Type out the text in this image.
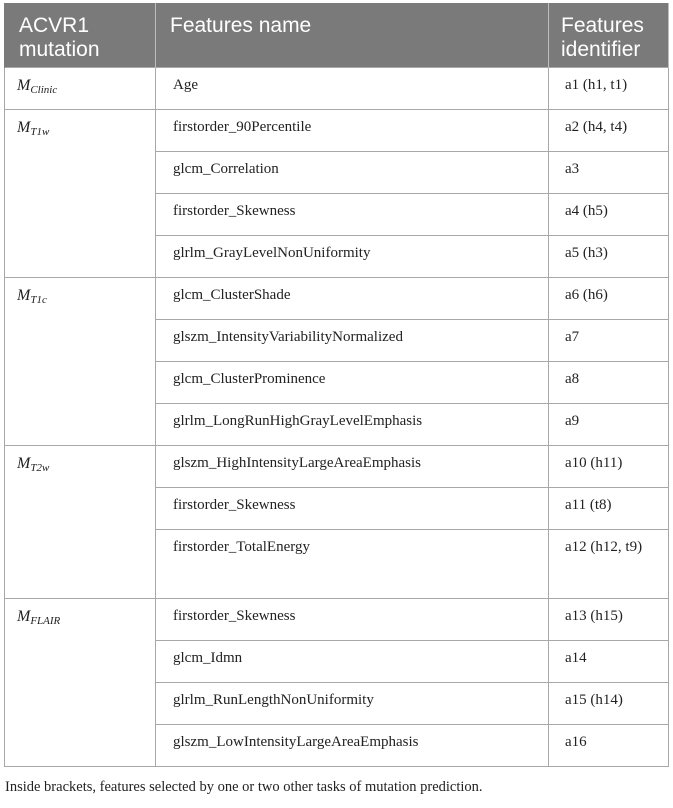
ACVR1 mutation	Features name	Features identifier
$M_{Clinic}$	Age	a1 (h1, t1)
$M_{T1w}$	firstorder_90Percentile	a2 (h4, t4)
	glcm_Correlation	a3
	firstorder_Skewness	a4 (h5)
	glrlm_GrayLevelNonUniformity	a5 (h3)
$M_{T1c}$	glcm_ClusterShade	a6 (h6)
	glszm_IntensityVariabilityNormalized	a7
	glcm_ClusterProminence	a8
	glrlm_LongRunHighGrayLevelEmphasis	a9
$M_{T2w}$	glszm_HighIntensityLargeAreaEmphasis	a10 (h11)
	firstorder_Skewness	a11 (t8)
	firstorder_TotalEnergy	a12 (h12, t9)
$M_{FLAIR}$	firstorder_Skewness	a13 (h15)
	glcm_Idmn	a14
	glrlm_RunLengthNonUniformity	a15 (h14)
	glszm_LowIntensityLargeAreaEmphasis	a16
Inside brackets, features selected by one or two other tasks of mutation prediction.
